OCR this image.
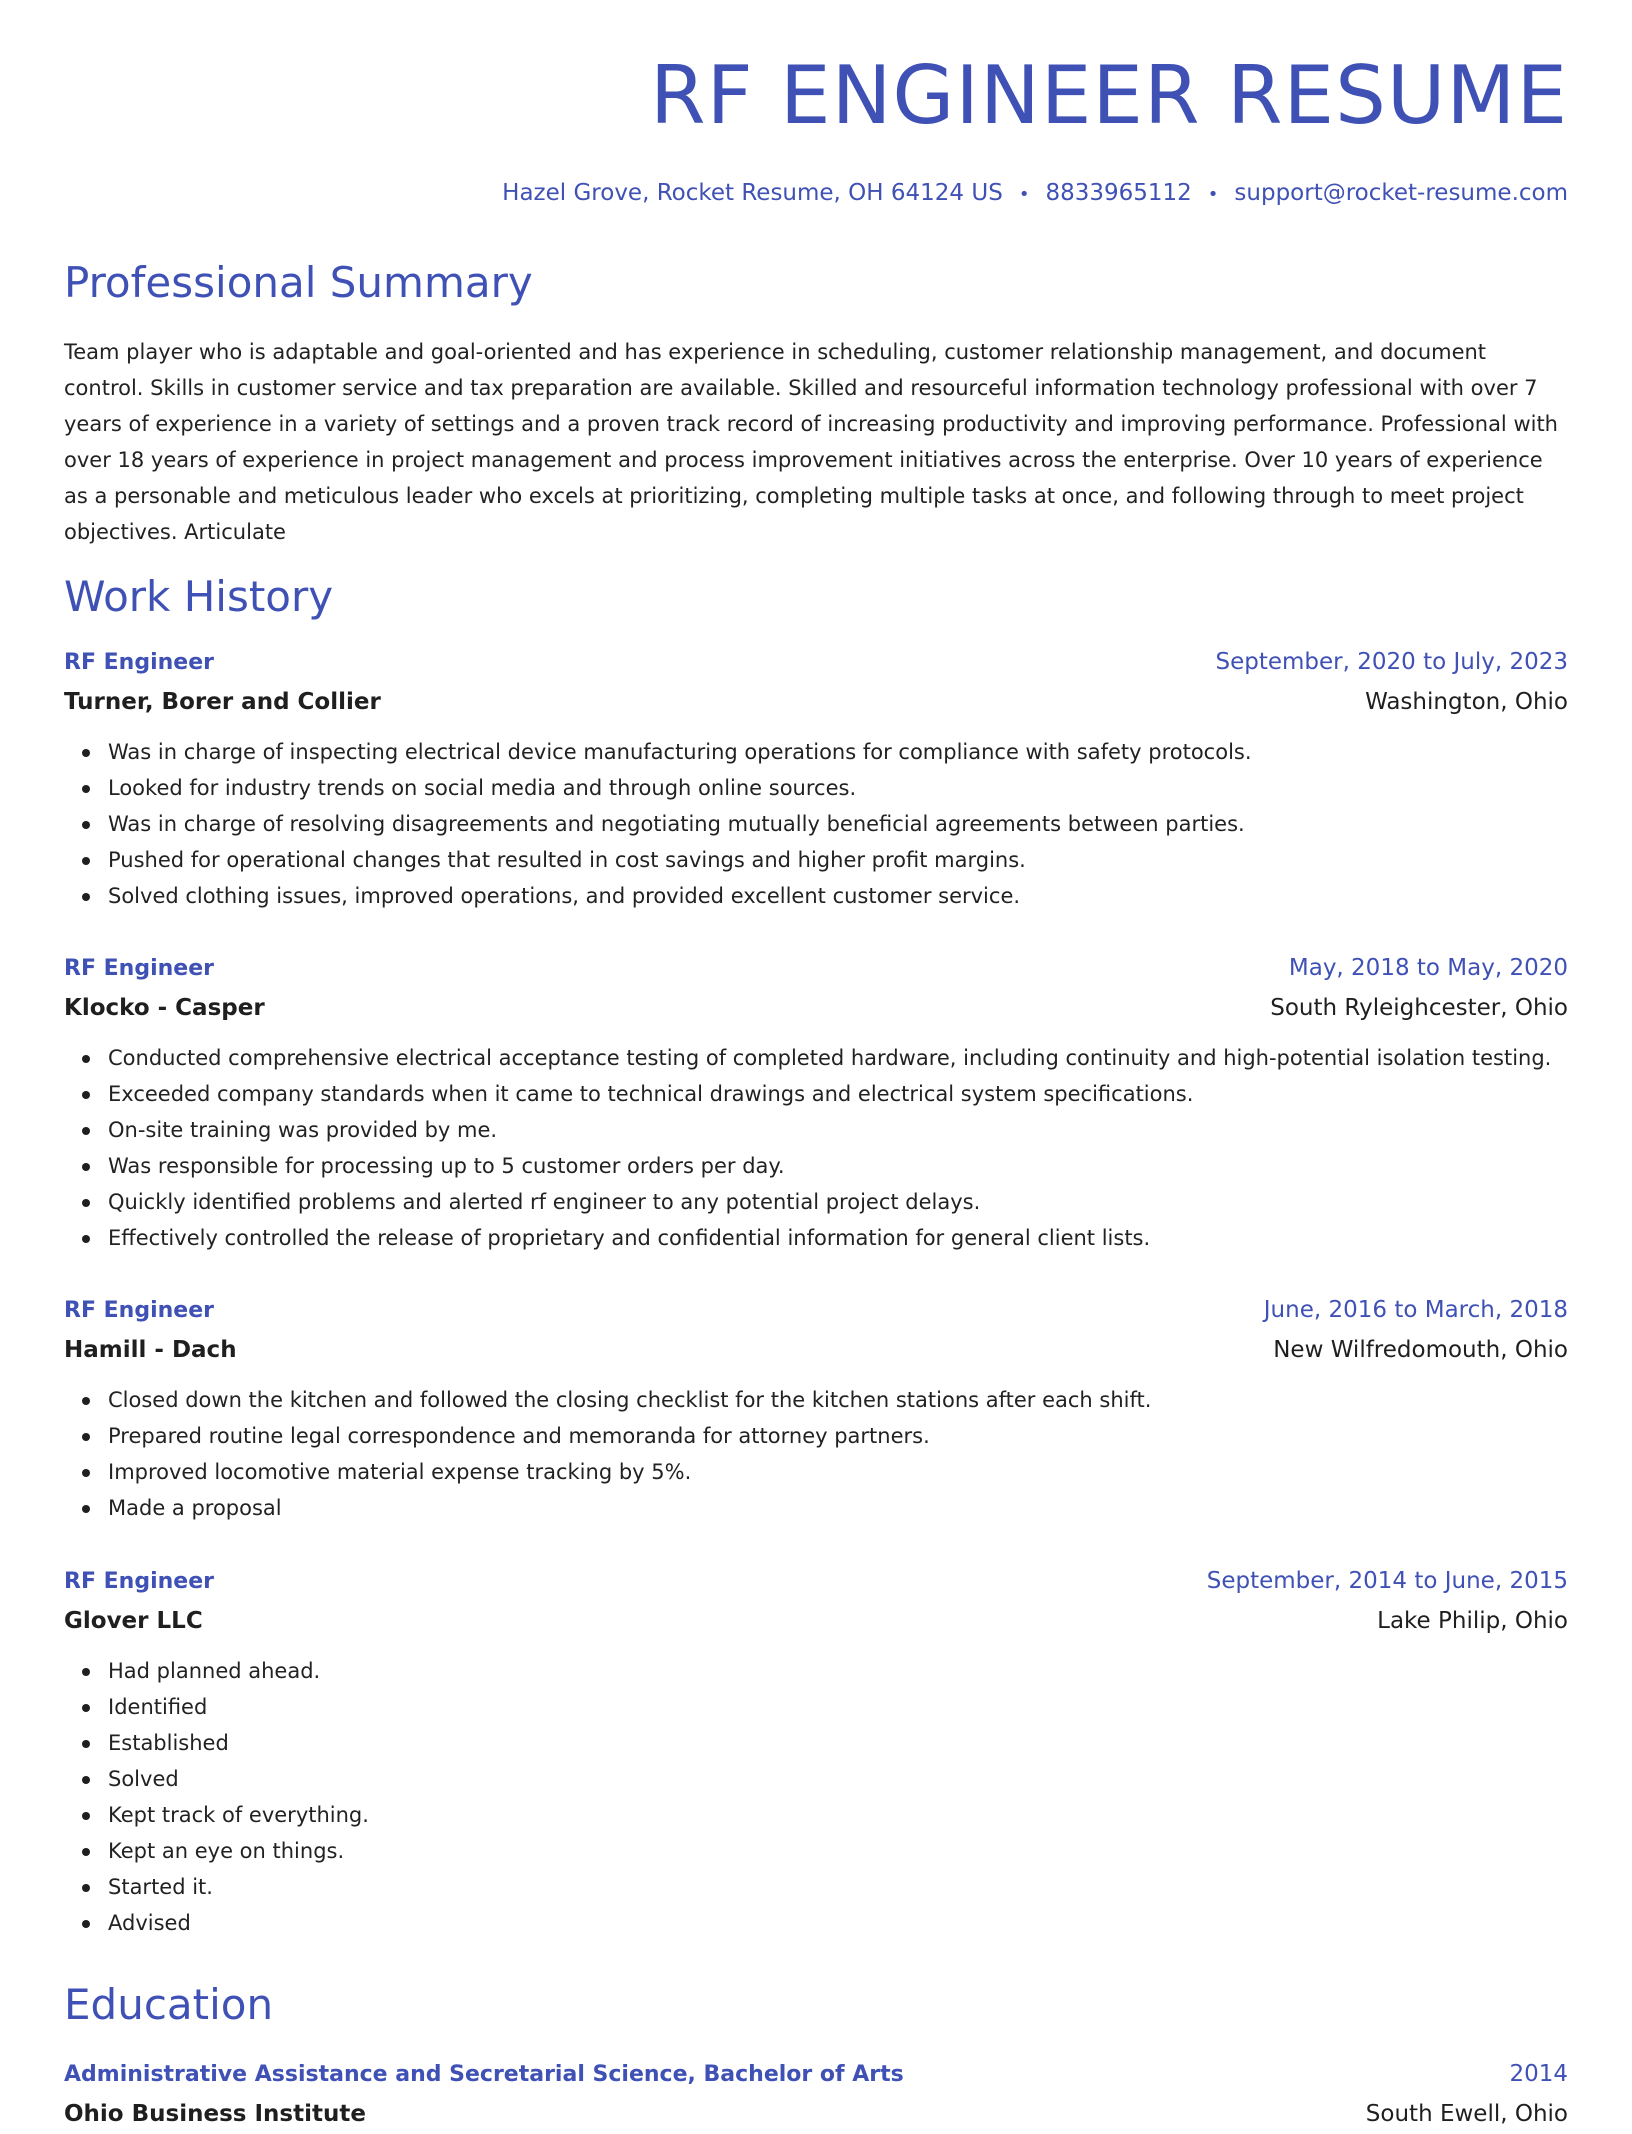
RF ENGINEER RESUME
Hazel Grove, Rocket Resume, OH 64124 US • 8833965112 • support@rocket-resume.com
Professional Summary

Team player who is adaptable and goal-oriented and has experience in scheduling, customer relationship management, and document control. Skills in customer service and tax preparation are available. Skilled and resourceful information technology professional with over 7 years of experience in a variety of settings and a proven track record of increasing productivity and improving performance. Professional with over 18 years of experience in project management and process improvement initiatives across the enterprise. Over 10 years of experience as a personable and meticulous leader who excels at prioritizing, completing multiple tasks at once, and following through to meet project objectives. Articulate

Work History
RF Engineer	September, 2020 to July, 2023
Turner, Borer and Collier	Washington, Ohio
Was in charge of inspecting electrical device manufacturing operations for compliance with safety protocols.
Looked for industry trends on social media and through online sources.
Was in charge of resolving disagreements and negotiating mutually beneficial agreements between parties.
Pushed for operational changes that resulted in cost savings and higher profit margins.
Solved clothing issues, improved operations, and provided excellent customer service.
RF Engineer	May, 2018 to May, 2020
Klocko - Casper	South Ryleighcester, Ohio
Conducted comprehensive electrical acceptance testing of completed hardware, including continuity and high-potential isolation testing.
Exceeded company standards when it came to technical drawings and electrical system specifications.
On-site training was provided by me.
Was responsible for processing up to 5 customer orders per day.
Quickly identified problems and alerted rf engineer to any potential project delays.
Effectively controlled the release of proprietary and confidential information for general client lists.
RF Engineer	June, 2016 to March, 2018
Hamill - Dach	New Wilfredomouth, Ohio
Closed down the kitchen and followed the closing checklist for the kitchen stations after each shift.
Prepared routine legal correspondence and memoranda for attorney partners.
Improved locomotive material expense tracking by 5%.
Made a proposal
RF Engineer	September, 2014 to June, 2015
Glover LLC	Lake Philip, Ohio
Had planned ahead.
Identified
Established
Solved
Kept track of everything.
Kept an eye on things.
Started it.
Advised
Education
Administrative Assistance and Secretarial Science, Bachelor of Arts	2014
Ohio Business Institute	South Ewell, Ohio
